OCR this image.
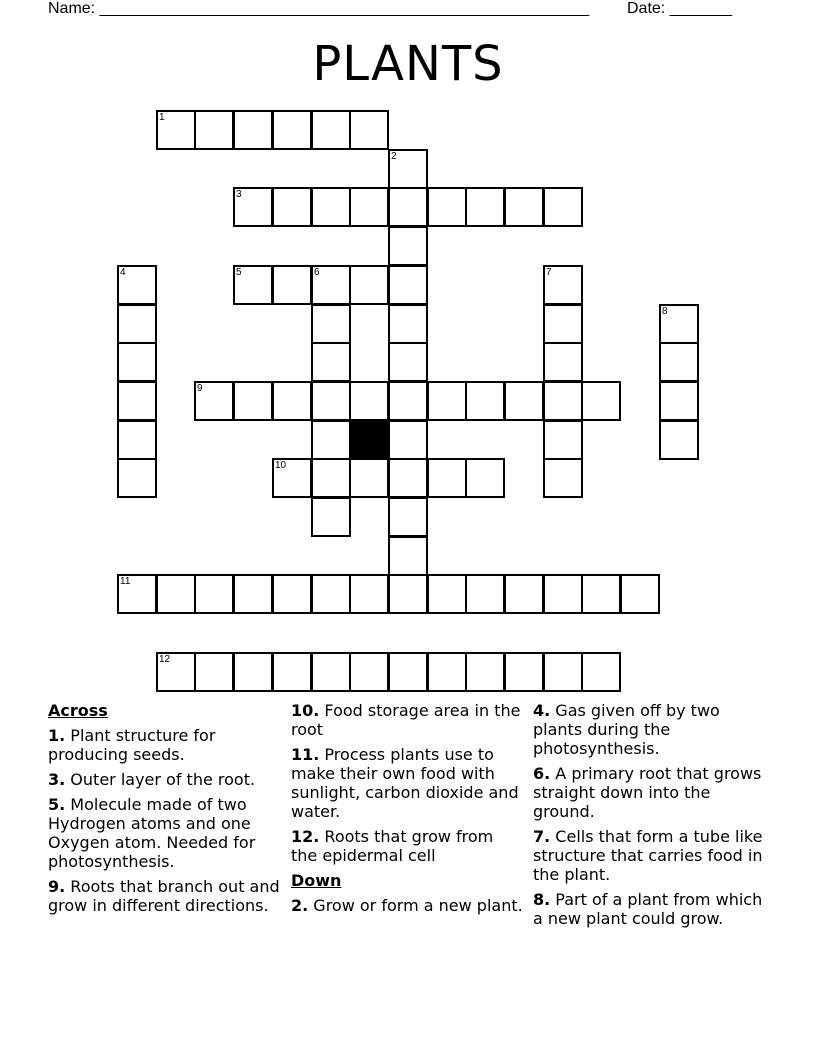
Name: _______________________________________________________ Date: _______
PLANTS
1
2
3
4	5	6	7
8
9
10
11
12
Across
1. Plant structure for producing seeds.
3. Outer layer of the root.
5. Molecule made of two Hydrogen atoms and one Oxygen atom. Needed for photosynthesis.
9. Roots that branch out and grow in different directions.
10. Food storage area in the root
11. Process plants use to make their own food with sunlight, carbon dioxide and water.
12. Roots that grow from the epidermal cell
Down
2. Grow or form a new plant.
4. Gas given off by two plants during the photosynthesis.
6. A primary root that grows straight down into the ground.
7. Cells that form a tube like structure that carries food in the plant.
8. Part of a plant from which a new plant could grow.
